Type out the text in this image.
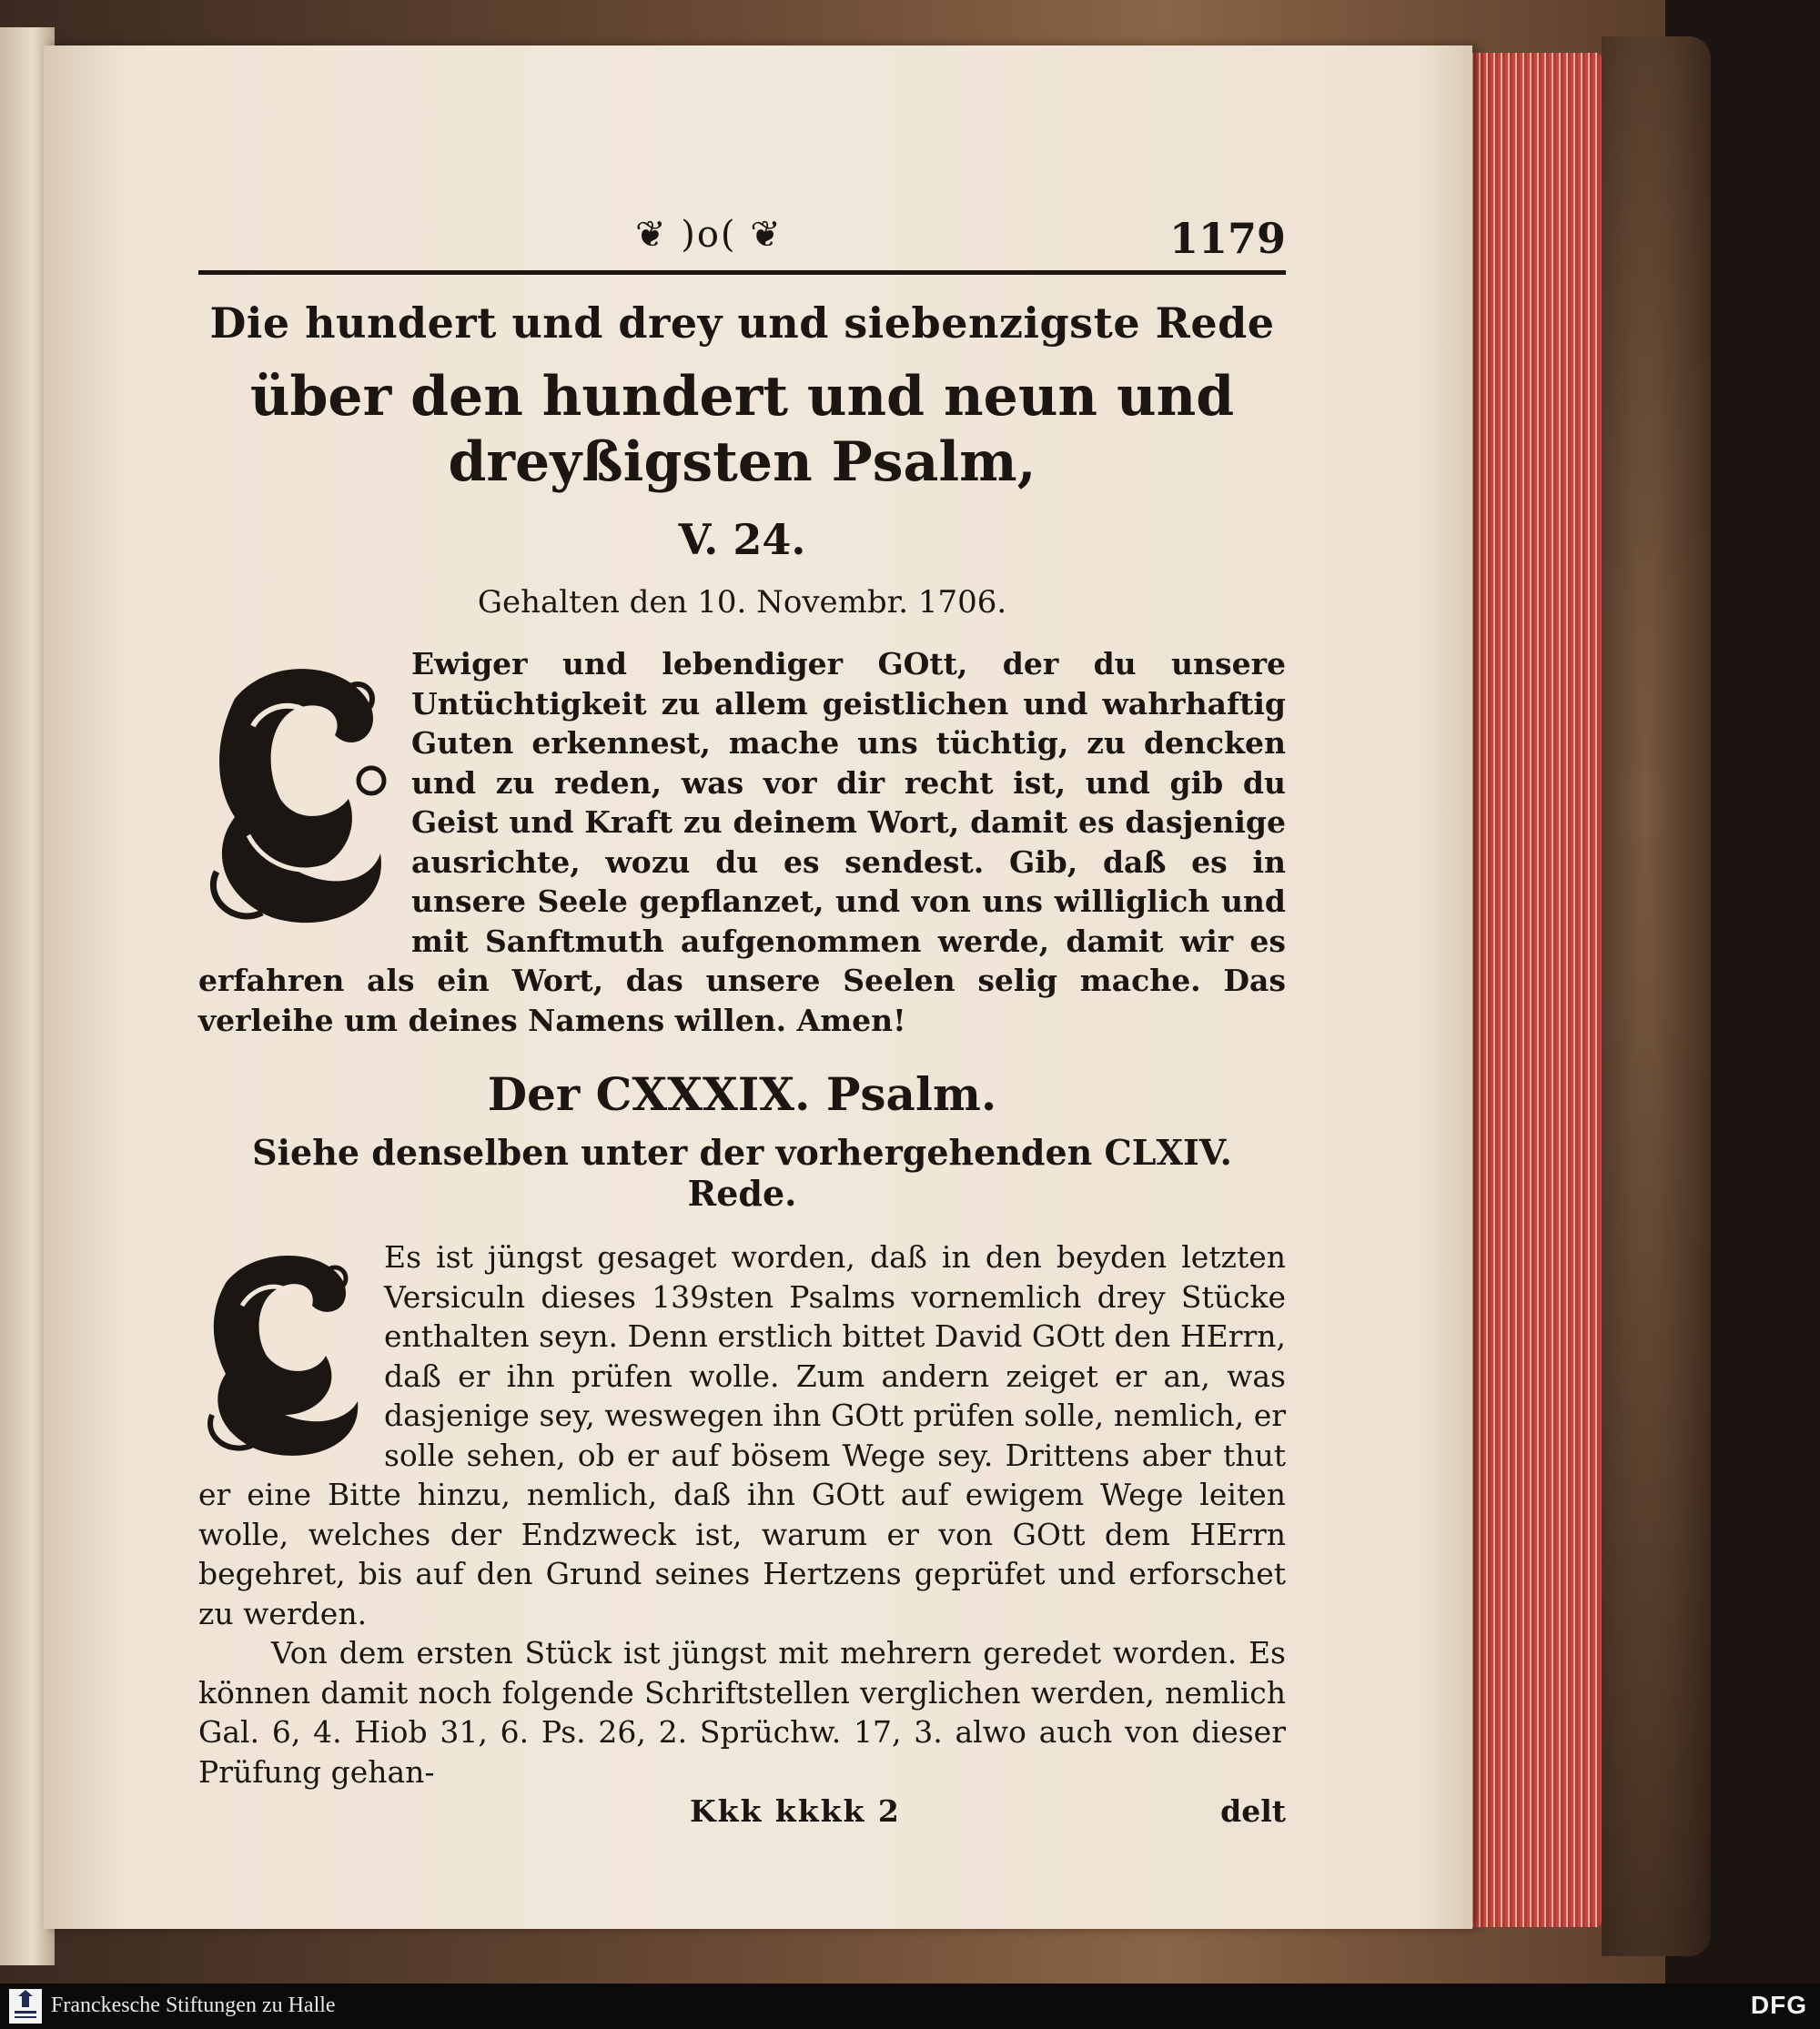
❦ )o( ❦	1179
Die hundert und drey und siebenzigste Rede
über den hundert und neun und dreyßigsten Psalm,
V. 24.
Gehalten den 10. Novembr. 1706.

Ewiger und lebendiger GOtt, der du unsere Untüchtigkeit zu allem geistlichen und wahrhaftig Guten erkennest, mache uns tüchtig, zu dencken und zu reden, was vor dir recht ist, und gib du Geist und Kraft zu deinem Wort, damit es dasjenige ausrichte, wozu du es sendest. Gib, daß es in unsere Seele gepflanzet, und von uns williglich und mit Sanftmuth aufgenommen werde, damit wir es erfahren als ein Wort, das unsere Seelen selig mache. Das verleihe um deines Namens willen. Amen!

Der CXXXIX. Psalm.
Siehe denselben unter der vorhergehenden CLXIV. Rede.

Es ist jüngst gesaget worden, daß in den beyden letzten Versiculn dieses 139sten Psalms vornemlich drey Stücke enthalten seyn. Denn erstlich bittet David GOtt den HErrn, daß er ihn prüfen wolle. Zum andern zeiget er an, was dasjenige sey, weswegen ihn GOtt prüfen solle, nemlich, er solle sehen, ob er auf bösem Wege sey. Drittens aber thut er eine Bitte hinzu, nemlich, daß ihn GOtt auf ewigem Wege leiten wolle, welches der Endzweck ist, warum er von GOtt dem HErrn begehret, bis auf den Grund seines Hertzens geprüfet und erforschet zu werden.

Von dem ersten Stück ist jüngst mit mehrern geredet worden. Es können damit noch folgende Schriftstellen verglichen werden, nemlich Gal. 6, 4. Hiob 31, 6. Ps. 26, 2. Sprüchw. 17, 3. alwo auch von dieser Prüfung gehan-

Kkk kkkk 2	delt
Franckesche Stiftungen zu Halle	DFG
